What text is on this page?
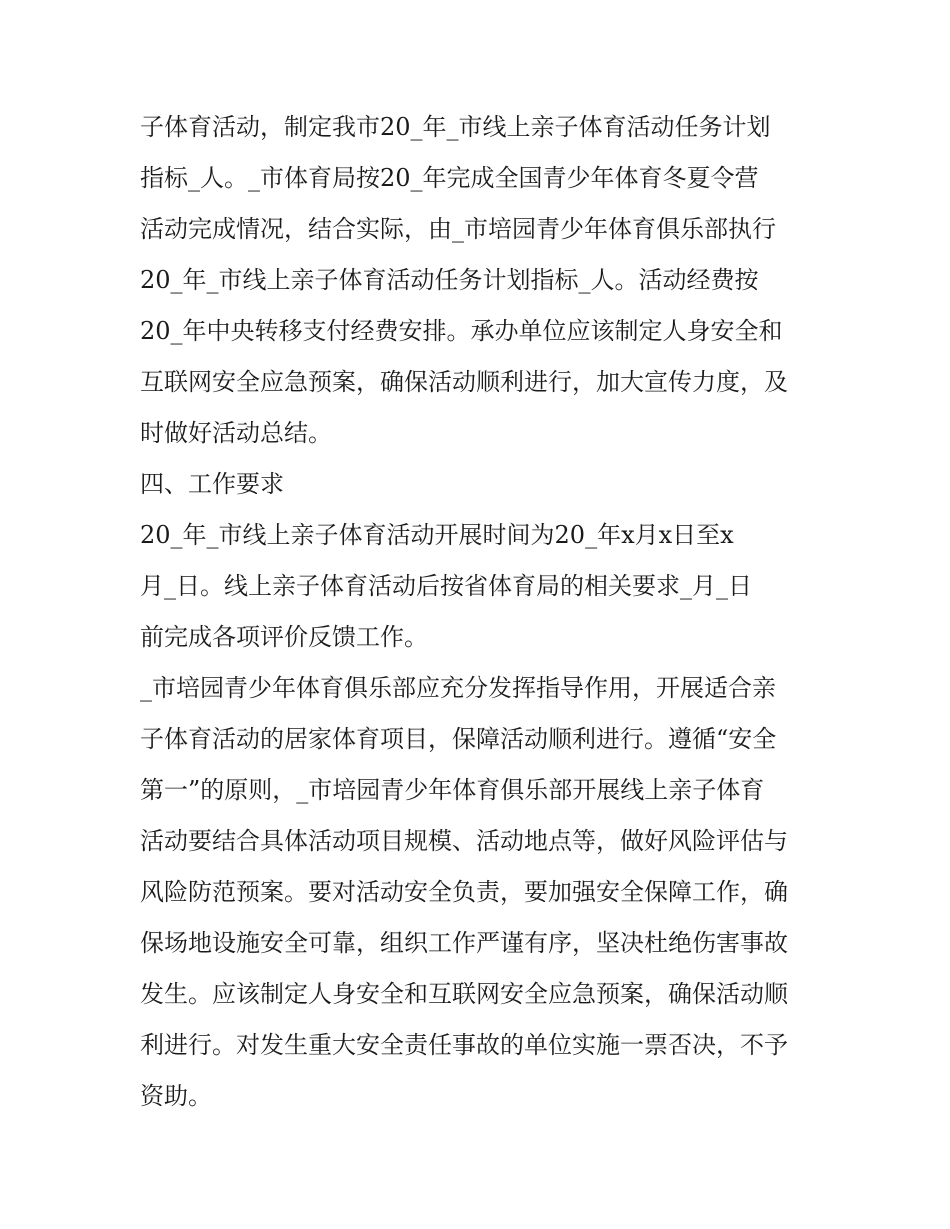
子体育活动，制定我市20_年_市线上亲子体育活动任务计划
指标_人。_市体育局按20_年完成全国青少年体育冬夏令营
活动完成情况，结合实际，由_市培园青少年体育俱乐部执行
20_年_市线上亲子体育活动任务计划指标_人。活动经费按
20_年中央转移支付经费安排。承办单位应该制定人身安全和
互联网安全应急预案，确保活动顺利进行，加大宣传力度，及
时做好活动总结。
四、工作要求
20_年_市线上亲子体育活动开展时间为20_年x月x日至x
月_日。线上亲子体育活动后按省体育局的相关要求_月_日
前完成各项评价反馈工作。
_市培园青少年体育俱乐部应充分发挥指导作用，开展适合亲
子体育活动的居家体育项目，保障活动顺利进行。遵循“安全
第一”的原则，_市培园青少年体育俱乐部开展线上亲子体育
活动要结合具体活动项目规模、活动地点等，做好风险评估与
风险防范预案。要对活动安全负责，要加强安全保障工作，确
保场地设施安全可靠，组织工作严谨有序，坚决杜绝伤害事故
发生。应该制定人身安全和互联网安全应急预案，确保活动顺
利进行。对发生重大安全责任事故的单位实施一票否决，不予
资助。
